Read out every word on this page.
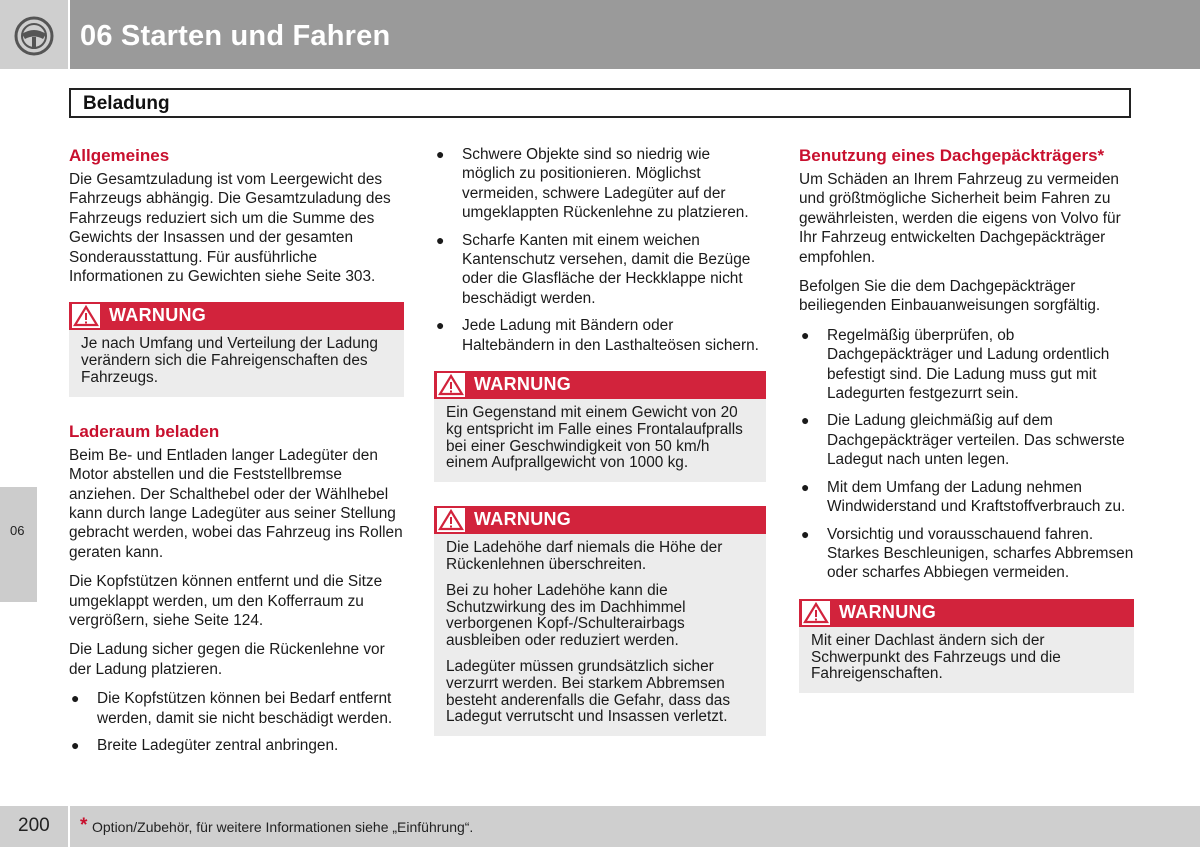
06 Starten und Fahren
Beladung
Allgemeines

Die Gesamtzuladung ist vom Leergewicht des Fahrzeugs abhängig. Die Gesamtzuladung des Fahrzeugs reduziert sich um die Summe des Gewichts der Insassen und der gesamten Sonderausstattung. Für ausführliche Informationen zu Gewichten siehe Seite 303.

WARNUNG

Je nach Umfang und Verteilung der Ladung verändern sich die Fahreigenschaften des Fahrzeugs.

Laderaum beladen

Beim Be- und Entladen langer Ladegüter den Motor abstellen und die Feststellbremse anziehen. Der Schalthebel oder der Wählhebel kann durch lange Ladegüter aus seiner Stellung gebracht werden, wobei das Fahrzeug ins Rollen geraten kann.

Die Kopfstützen können entfernt und die Sitze umgeklappt werden, um den Kofferraum zu vergrößern, siehe Seite 124.

Die Ladung sicher gegen die Rückenlehne vor der Ladung platzieren.

● Die Kopfstützen können bei Bedarf entfernt werden, damit sie nicht beschädigt werden.
● Breite Ladegüter zentral anbringen.
● Schwere Objekte sind so niedrig wie möglich zu positionieren. Möglichst vermeiden, schwere Ladegüter auf der umgeklappten Rückenlehne zu platzieren.
● Scharfe Kanten mit einem weichen Kantenschutz versehen, damit die Bezüge oder die Glasfläche der Heckklappe nicht beschädigt werden.
● Jede Ladung mit Bändern oder Haltebändern in den Lasthalteösen sichern.
WARNUNG

Ein Gegenstand mit einem Gewicht von 20 kg entspricht im Falle eines Frontalaufpralls bei einer Geschwindigkeit von 50 km/h einem Aufprallgewicht von 1000 kg.

WARNUNG

Die Ladehöhe darf niemals die Höhe der Rückenlehnen überschreiten.

Bei zu hoher Ladehöhe kann die Schutzwirkung des im Dachhimmel verborgenen Kopf-/Schulterairbags ausbleiben oder reduziert werden.

Ladegüter müssen grundsätzlich sicher verzurrt werden. Bei starkem Abbremsen besteht anderenfalls die Gefahr, dass das Ladegut verrutscht und Insassen verletzt.

Benutzung eines Dachgepäckträgers*

Um Schäden an Ihrem Fahrzeug zu vermeiden und größtmögliche Sicherheit beim Fahren zu gewährleisten, werden die eigens von Volvo für Ihr Fahrzeug entwickelten Dachgepäckträger empfohlen.

Befolgen Sie die dem Dachgepäckträger beiliegenden Einbauanweisungen sorgfältig.

● Regelmäßig überprüfen, ob Dachgepäckträger und Ladung ordentlich befestigt sind. Die Ladung muss gut mit Ladegurten festgezurrt sein.
● Die Ladung gleichmäßig auf dem Dachgepäckträger verteilen. Das schwerste Ladegut nach unten legen.
● Mit dem Umfang der Ladung nehmen Windwiderstand und Kraftstoffverbrauch zu.
● Vorsichtig und vorausschauend fahren. Starkes Beschleunigen, scharfes Abbremsen oder scharfes Abbiegen vermeiden.
WARNUNG

Mit einer Dachlast ändern sich der Schwerpunkt des Fahrzeugs und die Fahreigenschaften.

06
200 * Option/Zubehör, für weitere Informationen siehe „Einführung“.
